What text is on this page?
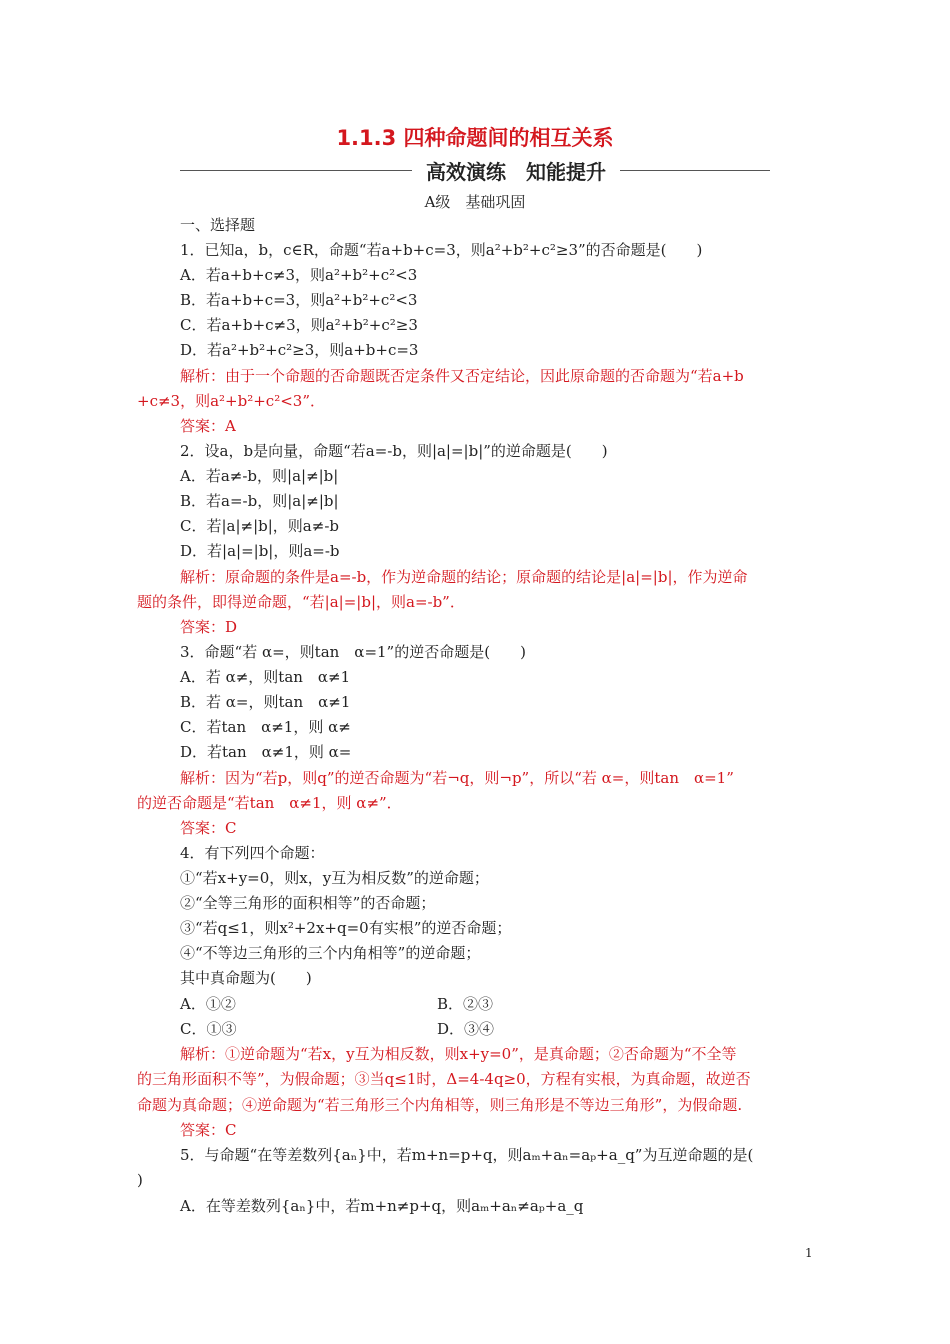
1.1.3 四种命题间的相互关系
高效演练　知能提升
A级　基础巩固
一、选择题
1．已知a，b，c∈R，命题“若a+b+c=3，则a²+b²+c²≥3”的否命题是(　　)
A．若a+b+c≠3，则a²+b²+c²<3
B．若a+b+c=3，则a²+b²+c²<3
C．若a+b+c≠3，则a²+b²+c²≥3
D．若a²+b²+c²≥3，则a+b+c=3
解析：由于一个命题的否命题既否定条件又否定结论，因此原命题的否命题为“若a+b
+c≠3，则a²+b²+c²<3”．
答案：A
2．设a，b是向量，命题“若a=-b，则|a|=|b|”的逆命题是(　　)
A．若a≠-b，则|a|≠|b|
B．若a=-b，则|a|≠|b|
C．若|a|≠|b|，则a≠-b
D．若|a|=|b|，则a=-b
解析：原命题的条件是a=-b，作为逆命题的结论；原命题的结论是|a|=|b|，作为逆命
题的条件，即得逆命题，“若|a|=|b|，则a=-b”．
答案：D
3．命题“若 α=，则tan　α=1”的逆否命题是(　　)
A．若 α≠，则tan　α≠1
B．若 α=，则tan　α≠1
C．若tan　α≠1，则 α≠
D．若tan　α≠1，则 α=
解析：因为“若p，则q”的逆否命题为“若¬q，则¬p”，所以“若 α=，则tan　α=1”
的逆否命题是“若tan　α≠1，则 α≠”．
答案：C
4．有下列四个命题：
①“若x+y=0，则x，y互为相反数”的逆命题；
②“全等三角形的面积相等”的否命题；
③“若q≤1，则x²+2x+q=0有实根”的逆否命题；
④“不等边三角形的三个内角相等”的逆命题；
其中真命题为(　　)
A．①②	B．②③
C．①③	D．③④
解析：①逆命题为“若x，y互为相反数，则x+y=0”，是真命题；②否命题为“不全等
的三角形面积不等”，为假命题；③当q≤1时，Δ=4-4q≥0，方程有实根，为真命题，故逆否
命题为真命题；④逆命题为“若三角形三个内角相等，则三角形是不等边三角形”，为假命题.
答案：C
5．与命题“在等差数列{aₙ}中，若m+n=p+q，则aₘ+aₙ=aₚ+a_q”为互逆命题的是(
)
A．在等差数列{aₙ}中，若m+n≠p+q，则aₘ+aₙ≠aₚ+a_q
1
